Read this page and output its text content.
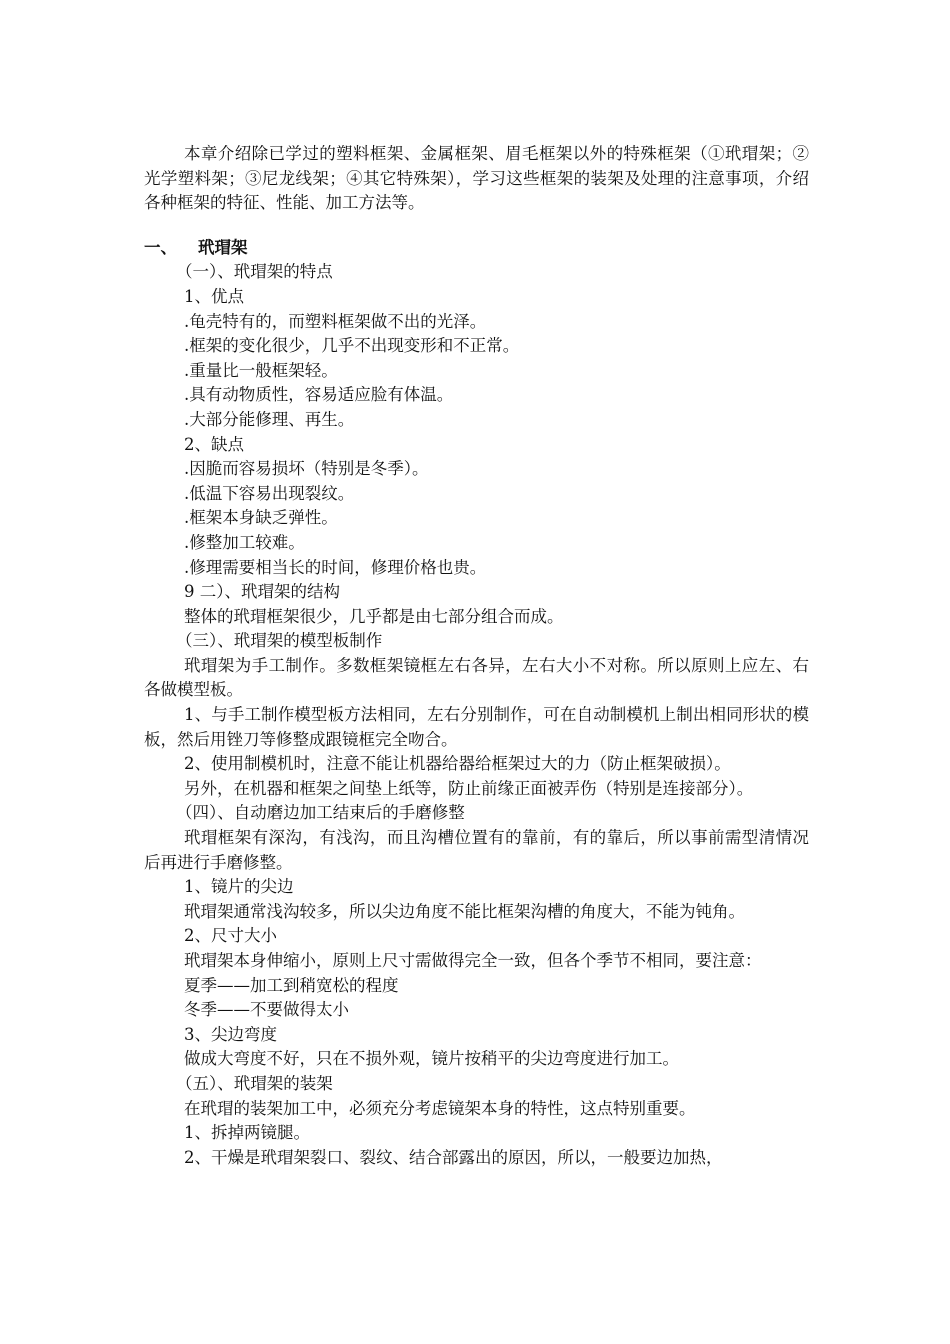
本章介绍除已学过的塑料框架、金属框架、眉毛框架以外的特殊框架（①玳瑁架；②光学塑料架；③尼龙线架；④其它特殊架），学习这些框架的装架及处理的注意事项，介绍各种框架的特征、性能、加工方法等。

一、 玳瑁架

（一）、玳瑁架的特点

1、优点

.龟壳特有的，而塑料框架做不出的光泽。

.框架的变化很少，几乎不出现变形和不正常。

.重量比一般框架轻。

.具有动物质性，容易适应脸有体温。

.大部分能修理、再生。

2、缺点

.因脆而容易损坏（特别是冬季）。

.低温下容易出现裂纹。

.框架本身缺乏弹性。

.修整加工较难。

.修理需要相当长的时间，修理价格也贵。

9 二）、玳瑁架的结构

整体的玳瑁框架很少，几乎都是由七部分组合而成。

（三）、玳瑁架的模型板制作

玳瑁架为手工制作。多数框架镜框左右各异，左右大小不对称。所以原则上应左、右各做模型板。

1、与手工制作模型板方法相同，左右分别制作，可在自动制模机上制出相同形状的模板，然后用锉刀等修整成跟镜框完全吻合。

2、使用制模机时，注意不能让机器给器给框架过大的力（防止框架破损）。

另外，在机器和框架之间垫上纸等，防止前缘正面被弄伤（特别是连接部分）。

（四）、自动磨边加工结束后的手磨修整

玳瑁框架有深沟，有浅沟，而且沟槽位置有的靠前，有的靠后，所以事前需型清情况后再进行手磨修整。

1、镜片的尖边

玳瑁架通常浅沟较多，所以尖边角度不能比框架沟槽的角度大，不能为钝角。

2、尺寸大小

玳瑁架本身伸缩小，原则上尺寸需做得完全一致，但各个季节不相同，要注意：

夏季——加工到稍宽松的程度

冬季——不要做得太小

3、尖边弯度

做成大弯度不好，只在不损外观，镜片按稍平的尖边弯度进行加工。

（五）、玳瑁架的装架

在玳瑁的装架加工中，必须充分考虑镜架本身的特性，这点特别重要。

1、拆掉两镜腿。

2、干燥是玳瑁架裂口、裂纹、结合部露出的原因，所以，一般要边加热，
